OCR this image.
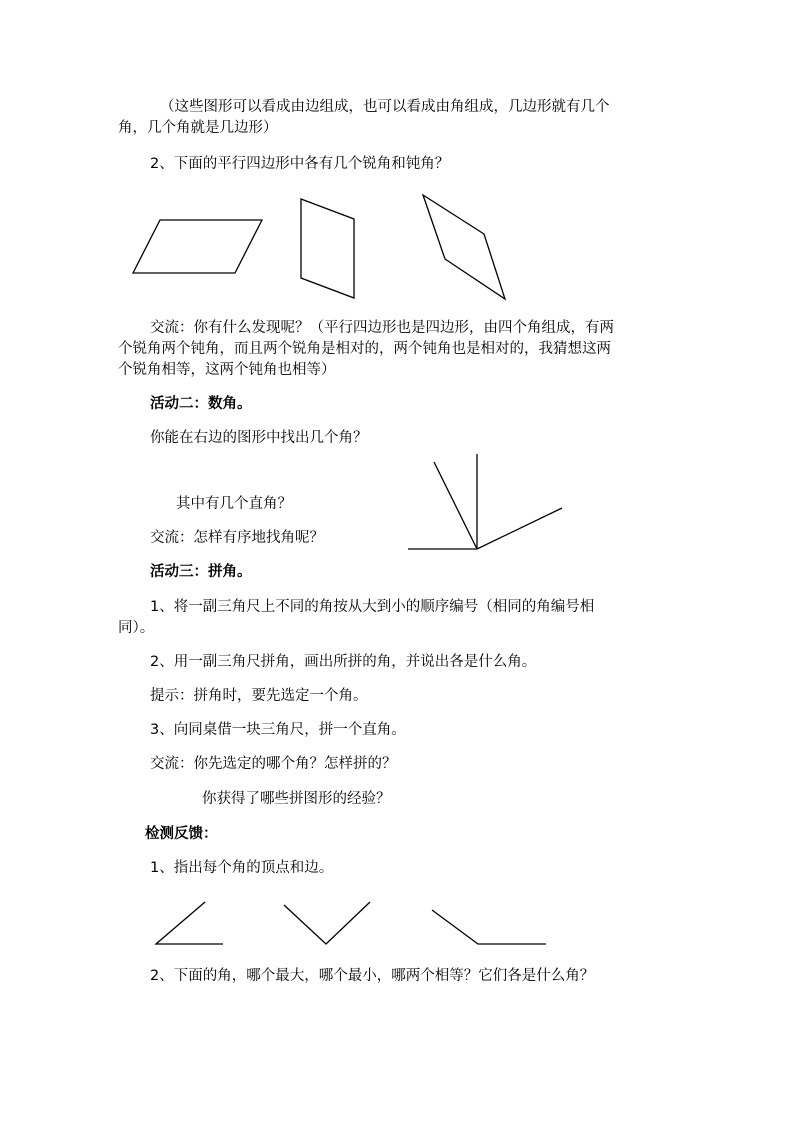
（这些图形可以看成由边组成，也可以看成由角组成，几边形就有几个
角，几个角就是几边形）
2、下面的平行四边形中各有几个锐角和钝角？
交流：你有什么发现呢？（平行四边形也是四边形，由四个角组成，有两
个锐角两个钝角，而且两个锐角是相对的，两个钝角也是相对的，我猜想这两
个锐角相等，这两个钝角也相等）
活动二：数角。
你能在右边的图形中找出几个角？
其中有几个直角？
交流：怎样有序地找角呢？
活动三：拼角。
1、将一副三角尺上不同的角按从大到小的顺序编号（相同的角编号相
同）。
2、用一副三角尺拼角，画出所拼的角，并说出各是什么角。
提示：拼角时，要先选定一个角。
3、向同桌借一块三角尺，拼一个直角。
交流：你先选定的哪个角？怎样拼的？
你获得了哪些拼图形的经验？
检测反馈：
1、指出每个角的顶点和边。
2、下面的角，哪个最大，哪个最小，哪两个相等？它们各是什么角？
